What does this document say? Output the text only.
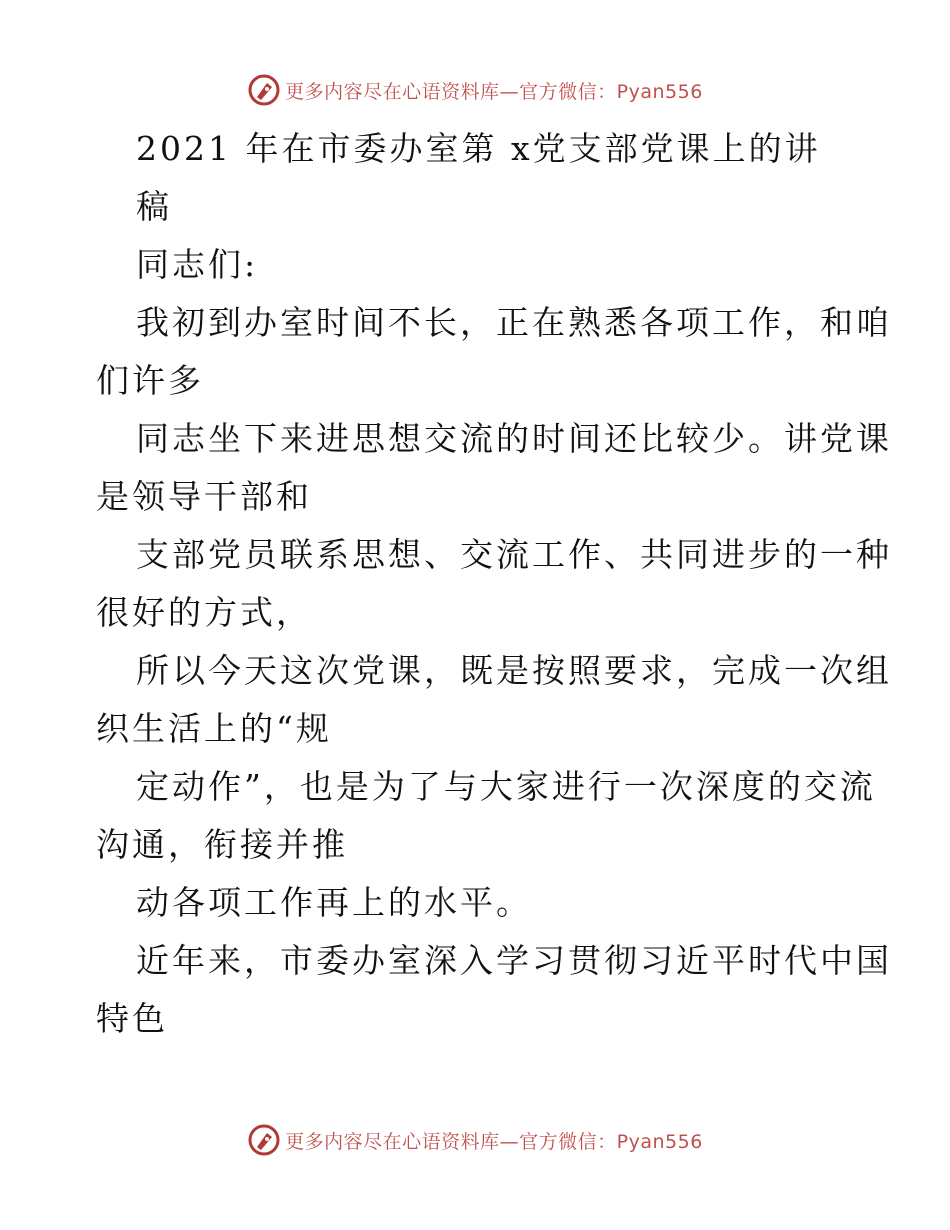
更多内容尽在心语资料库—官方微信：Pyan556
2021 年在市委办室第 x党支部党课上的讲
稿
同志们:
我初到办室时间不长，正在熟悉各项工作，和咱
们许多
同志坐下来进思想交流的时间还比较少。讲党课
是领导干部和
支部党员联系思想、交流工作、共同进步的一种
很好的方式，
所以今天这次党课，既是按照要求，完成一次组
织生活上的“规
定动作”，也是为了与大家进行一次深度的交流
沟通，衔接并推
动各项工作再上的水平。
近年来，市委办室深入学习贯彻习近平时代中国
特色
更多内容尽在心语资料库—官方微信：Pyan556
